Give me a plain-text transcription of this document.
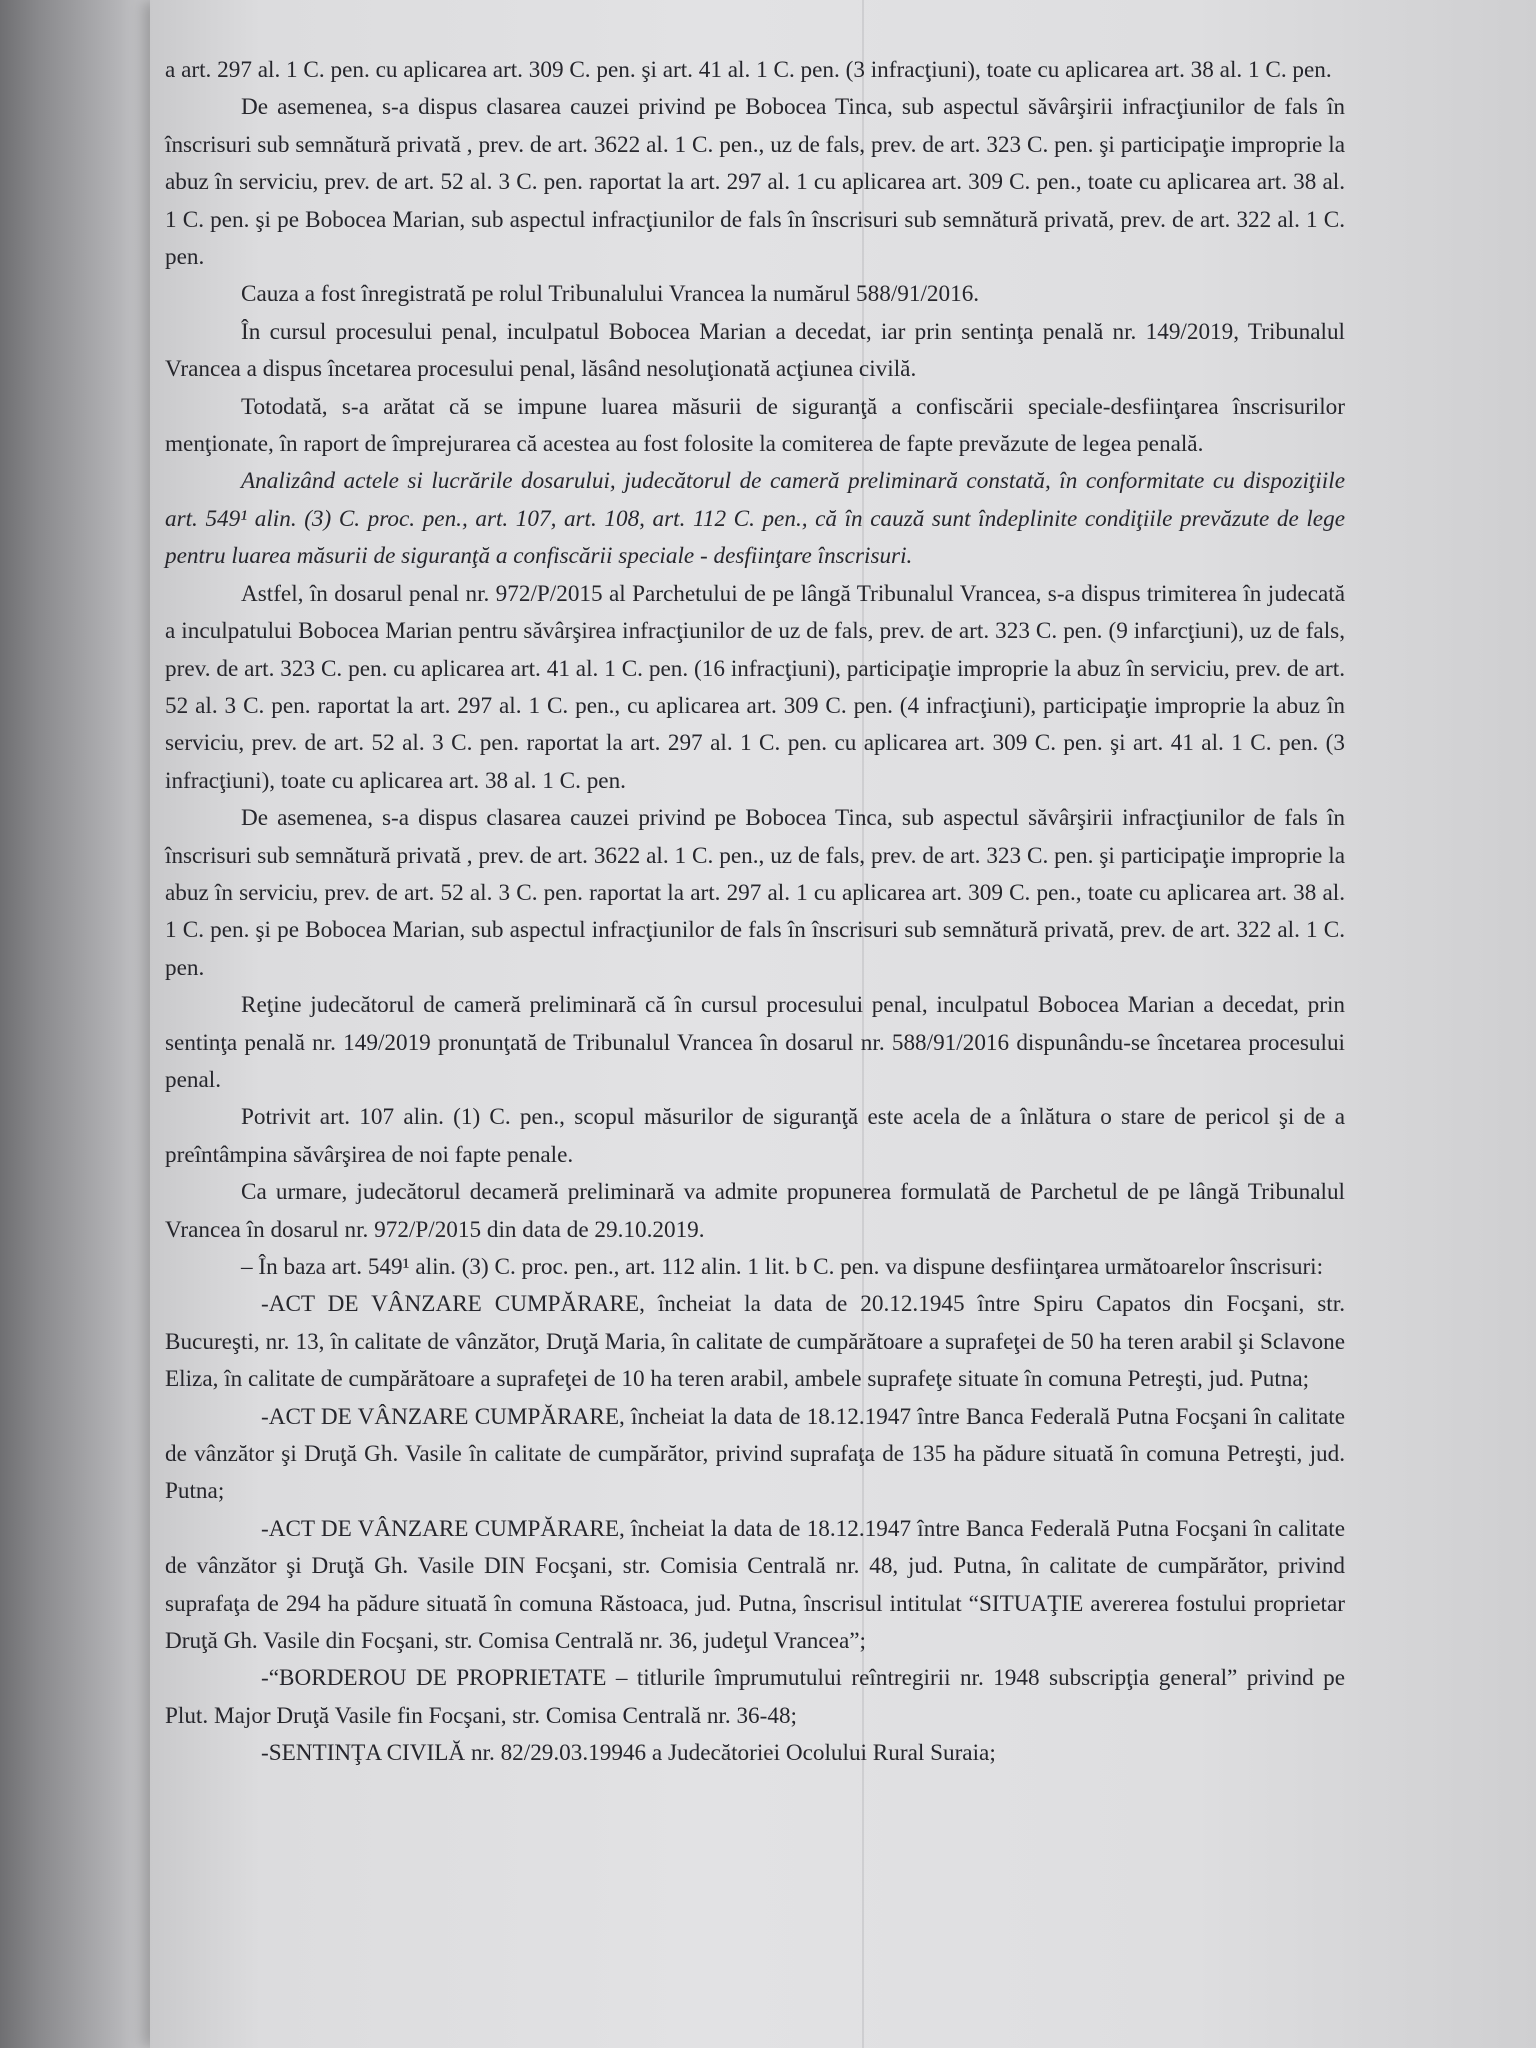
a art. 297 al. 1 C. pen. cu aplicarea art. 309 C. pen. şi art. 41 al. 1 C. pen. (3 infracţiuni), toate cu aplicarea art. 38 al. 1 C. pen.

De asemenea, s-a dispus clasarea cauzei privind pe Bobocea Tinca, sub aspectul săvârşirii infracţiunilor de fals în înscrisuri sub semnătură privată , prev. de art. 3622 al. 1 C. pen., uz de fals, prev. de art. 323 C. pen. şi participaţie improprie la abuz în serviciu, prev. de art. 52 al. 3 C. pen. raportat la art. 297 al. 1 cu aplicarea art. 309 C. pen., toate cu aplicarea art. 38 al. 1 C. pen. şi pe Bobocea Marian, sub aspectul infracţiunilor de fals în înscrisuri sub semnătură privată, prev. de art. 322 al. 1 C. pen.

Cauza a fost înregistrată pe rolul Tribunalului Vrancea la numărul 588/91/2016.

În cursul procesului penal, inculpatul Bobocea Marian a decedat, iar prin sentinţa penală nr. 149/2019, Tribunalul Vrancea a dispus încetarea procesului penal, lăsând nesoluţionată acţiunea civilă.

Totodată, s-a arătat că se impune luarea măsurii de siguranţă a confiscării speciale-desfiinţarea înscrisurilor menţionate, în raport de împrejurarea că acestea au fost folosite la comiterea de fapte prevăzute de legea penală.

Analizând actele si lucrările dosarului, judecătorul de cameră preliminară constată, în conformitate cu dispoziţiile art. 549¹ alin. (3) C. proc. pen., art. 107, art. 108, art. 112 C. pen., că în cauză sunt îndeplinite condiţiile prevăzute de lege pentru luarea măsurii de siguranţă a confiscării speciale - desfiinţare înscrisuri.

Astfel, în dosarul penal nr. 972/P/2015 al Parchetului de pe lângă Tribunalul Vrancea, s-a dispus trimiterea în judecată a inculpatului Bobocea Marian pentru săvârşirea infracţiunilor de uz de fals, prev. de art. 323 C. pen. (9 infarcţiuni), uz de fals, prev. de art. 323 C. pen. cu aplicarea art. 41 al. 1 C. pen. (16 infracţiuni), participaţie improprie la abuz în serviciu, prev. de art. 52 al. 3 C. pen. raportat la art. 297 al. 1 C. pen., cu aplicarea art. 309 C. pen. (4 infracţiuni), participaţie improprie la abuz în serviciu, prev. de art. 52 al. 3 C. pen. raportat la art. 297 al. 1 C. pen. cu aplicarea art. 309 C. pen. şi art. 41 al. 1 C. pen. (3 infracţiuni), toate cu aplicarea art. 38 al. 1 C. pen.

De asemenea, s-a dispus clasarea cauzei privind pe Bobocea Tinca, sub aspectul săvârşirii infracţiunilor de fals în înscrisuri sub semnătură privată , prev. de art. 3622 al. 1 C. pen., uz de fals, prev. de art. 323 C. pen. şi participaţie improprie la abuz în serviciu, prev. de art. 52 al. 3 C. pen. raportat la art. 297 al. 1 cu aplicarea art. 309 C. pen., toate cu aplicarea art. 38 al. 1 C. pen. şi pe Bobocea Marian, sub aspectul infracţiunilor de fals în înscrisuri sub semnătură privată, prev. de art. 322 al. 1 C. pen.

Reţine judecătorul de cameră preliminară că în cursul procesului penal, inculpatul Bobocea Marian a decedat, prin sentinţa penală nr. 149/2019 pronunţată de Tribunalul Vrancea în dosarul nr. 588/91/2016 dispunându-se încetarea procesului penal.

Potrivit art. 107 alin. (1) C. pen., scopul măsurilor de siguranţă este acela de a înlătura o stare de pericol şi de a preîntâmpina săvârşirea de noi fapte penale.

Ca urmare, judecătorul decameră preliminară va admite propunerea formulată de Parchetul de pe lângă Tribunalul Vrancea în dosarul nr. 972/P/2015 din data de 29.10.2019.

– În baza art. 549¹ alin. (3) C. proc. pen., art. 112 alin. 1 lit. b C. pen. va dispune desfiinţarea următoarelor înscrisuri:

-ACT DE VÂNZARE CUMPĂRARE, încheiat la data de 20.12.1945 între Spiru Capatos din Focşani, str. Bucureşti, nr. 13, în calitate de vânzător, Druţă Maria, în calitate de cumpărătoare a suprafeţei de 50 ha teren arabil şi Sclavone Eliza, în calitate de cumpărătoare a suprafeţei de 10 ha teren arabil, ambele suprafeţe situate în comuna Petreşti, jud. Putna;

-ACT DE VÂNZARE CUMPĂRARE, încheiat la data de 18.12.1947 între Banca Federală Putna Focşani în calitate de vânzător şi Druţă Gh. Vasile în calitate de cumpărător, privind suprafaţa de 135 ha pădure situată în comuna Petreşti, jud. Putna;

-ACT DE VÂNZARE CUMPĂRARE, încheiat la data de 18.12.1947 între Banca Federală Putna Focşani în calitate de vânzător şi Druţă Gh. Vasile DIN Focşani, str. Comisia Centrală nr. 48, jud. Putna, în calitate de cumpărător, privind suprafaţa de 294 ha pădure situată în comuna Răstoaca, jud. Putna, înscrisul intitulat “SITUAŢIE avererea fostului proprietar Druţă Gh. Vasile din Focşani, str. Comisa Centrală nr. 36, judeţul Vrancea”;

-“BORDEROU DE PROPRIETATE – titlurile împrumutului reîntregirii nr. 1948 subscripţia general” privind pe Plut. Major Druţă Vasile fin Focşani, str. Comisa Centrală nr. 36-48;

-SENTINŢA CIVILĂ nr. 82/29.03.19946 a Judecătoriei Ocolului Rural Suraia;
